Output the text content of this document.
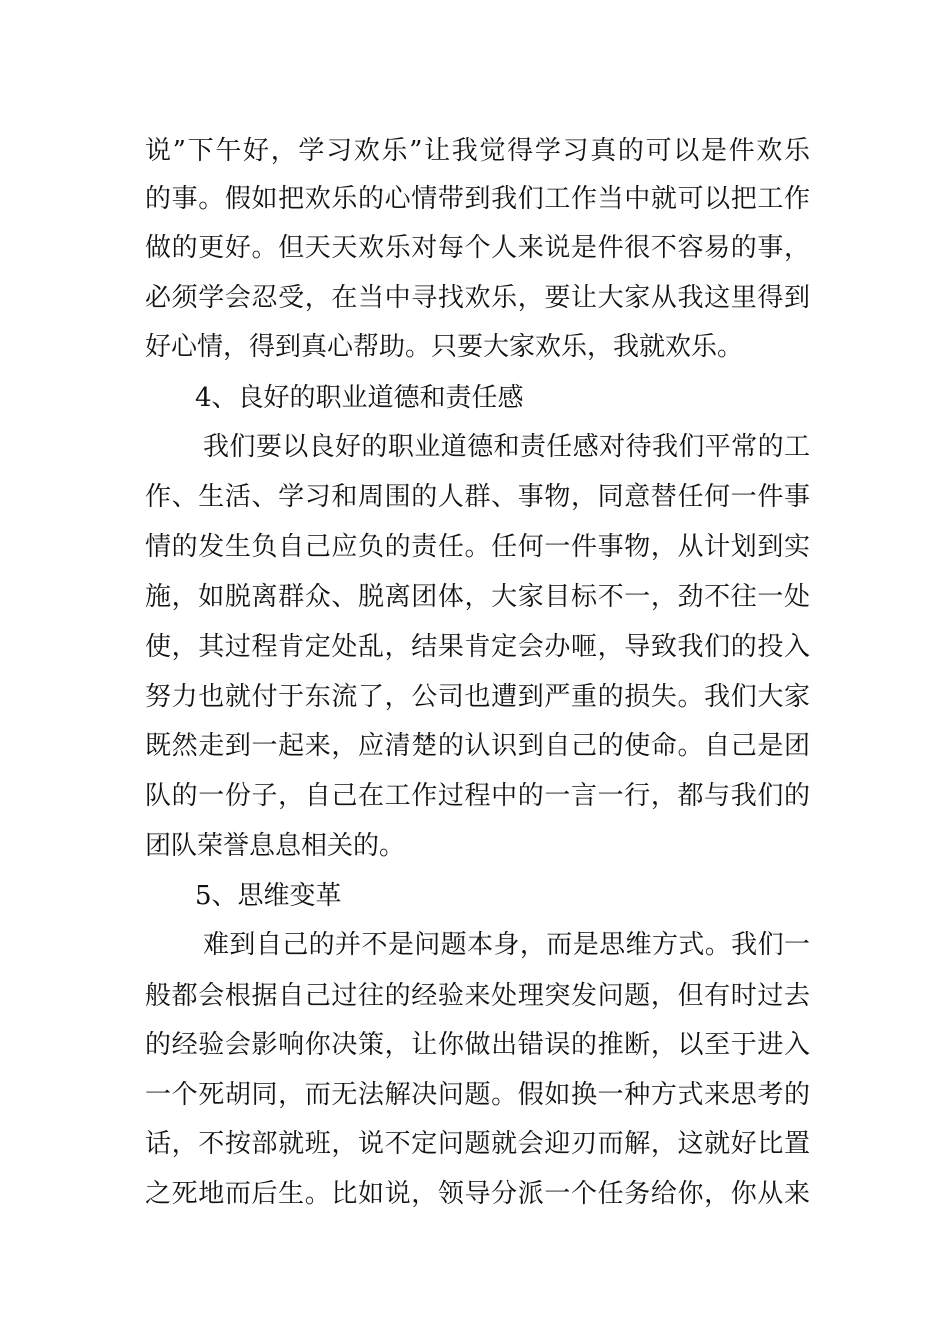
说”下午好，学习欢乐”让我觉得学习真的可以是件欢乐
的事。假如把欢乐的心情带到我们工作当中就可以把工作
做的更好。但天天欢乐对每个人来说是件很不容易的事，
必须学会忍受，在当中寻找欢乐，要让大家从我这里得到
好心情，得到真心帮助。只要大家欢乐，我就欢乐。
4、良好的职业道德和责任感
我们要以良好的职业道德和责任感对待我们平常的工
作、生活、学习和周围的人群、事物，同意替任何一件事
情的发生负自己应负的责任。任何一件事物，从计划到实
施，如脱离群众、脱离团体，大家目标不一，劲不往一处
使，其过程肯定处乱，结果肯定会办咂，导致我们的投入
努力也就付于东流了，公司也遭到严重的损失。我们大家
既然走到一起来，应清楚的认识到自己的使命。自己是团
队的一份子，自己在工作过程中的一言一行，都与我们的
团队荣誉息息相关的。
5、思维变革
难到自己的并不是问题本身，而是思维方式。我们一
般都会根据自己过往的经验来处理突发问题，但有时过去
的经验会影响你决策，让你做出错误的推断，以至于进入
一个死胡同，而无法解决问题。假如换一种方式来思考的
话，不按部就班，说不定问题就会迎刃而解，这就好比置
之死地而后生。比如说，领导分派一个任务给你，你从来
